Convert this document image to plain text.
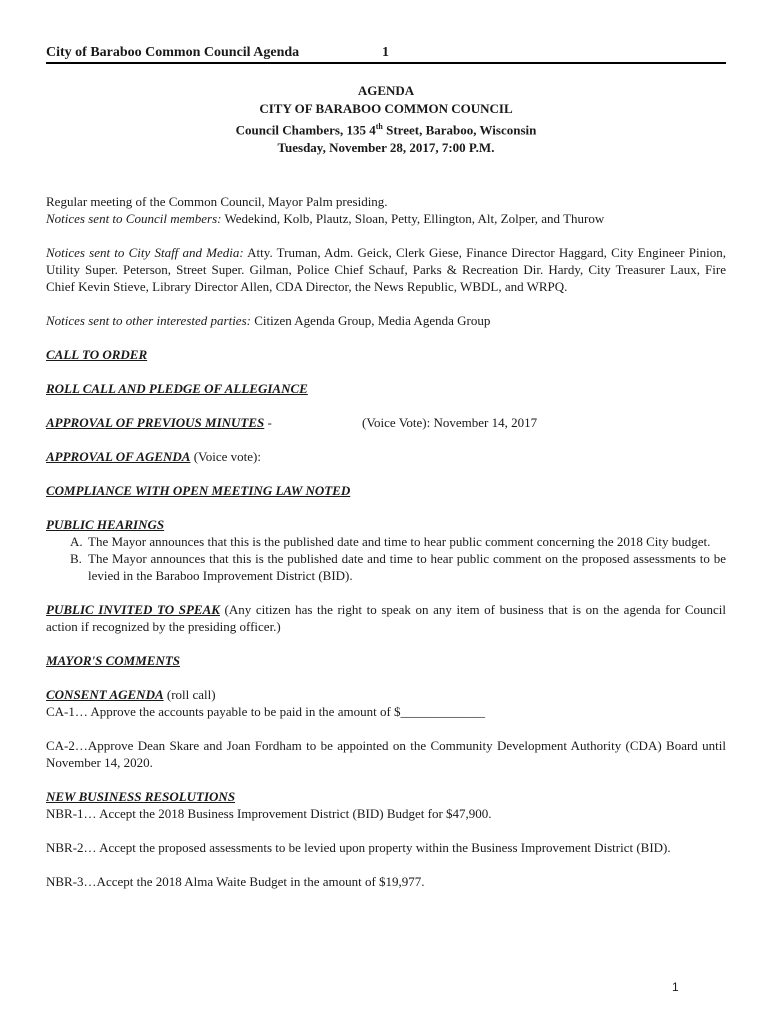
City of Baraboo Common Council Agenda	1
AGENDA
CITY OF BARABOO COMMON COUNCIL
Council Chambers, 135 4th Street, Baraboo, Wisconsin
Tuesday, November 28, 2017, 7:00 P.M.

Regular meeting of the Common Council, Mayor Palm presiding.

Notices sent to Council members: Wedekind, Kolb, Plautz, Sloan, Petty, Ellington, Alt, Zolper, and Thurow

Notices sent to City Staff and Media: Atty. Truman, Adm. Geick, Clerk Giese, Finance Director Haggard, City Engineer Pinion, Utility Super. Peterson, Street Super. Gilman, Police Chief Schauf, Parks & Recreation Dir. Hardy, City Treasurer Laux, Fire Chief Kevin Stieve, Library Director Allen, CDA Director, the News Republic, WBDL, and WRPQ.

Notices sent to other interested parties: Citizen Agenda Group, Media Agenda Group

CALL TO ORDER

ROLL CALL AND PLEDGE OF ALLEGIANCE

APPROVAL OF PREVIOUS MINUTES -	(Voice Vote): November 14, 2017

APPROVAL OF AGENDA (Voice vote):

COMPLIANCE WITH OPEN MEETING LAW NOTED

PUBLIC HEARINGS

A. The Mayor announces that this is the published date and time to hear public comment concerning the 2018 City budget.
B. The Mayor announces that this is the published date and time to hear public comment on the proposed assessments to be levied in the Baraboo Improvement District (BID).

PUBLIC INVITED TO SPEAK (Any citizen has the right to speak on any item of business that is on the agenda for Council action if recognized by the presiding officer.)

MAYOR'S COMMENTS

CONSENT AGENDA (roll call)

CA-1… Approve the accounts payable to be paid in the amount of $_____________

CA-2…Approve Dean Skare and Joan Fordham to be appointed on the Community Development Authority (CDA) Board until November 14, 2020.

NEW BUSINESS RESOLUTIONS

NBR-1… Accept the 2018 Business Improvement District (BID) Budget for $47,900.

NBR-2… Accept the proposed assessments to be levied upon property within the Business Improvement District (BID).

NBR-3…Accept the 2018 Alma Waite Budget in the amount of $19,977.

1
